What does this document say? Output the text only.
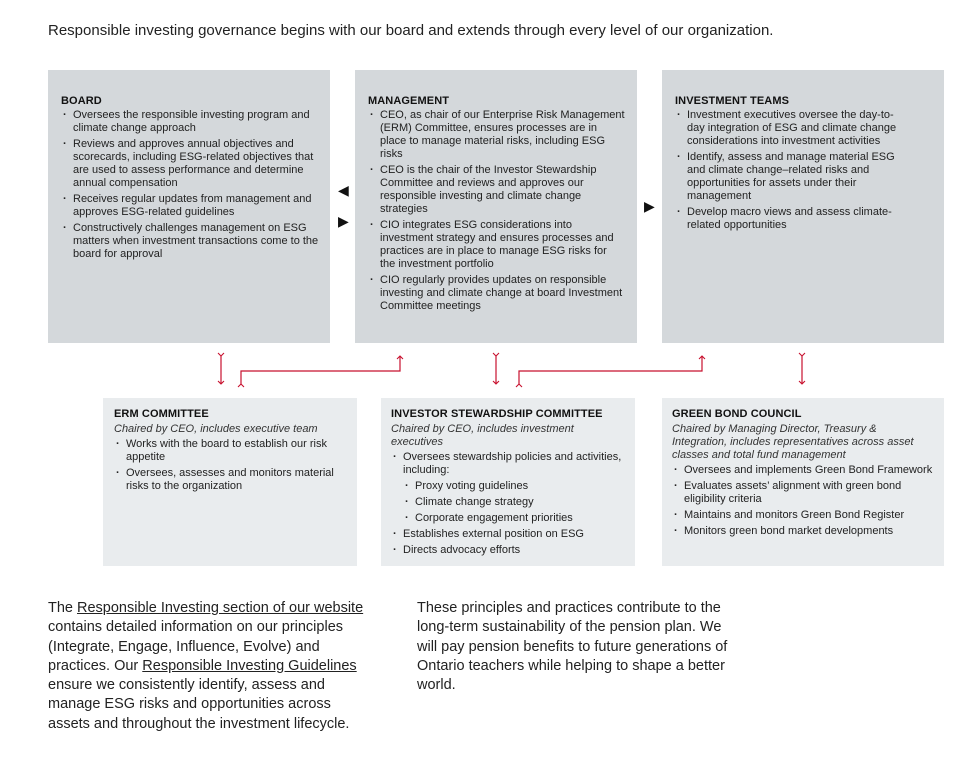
Responsible investing governance begins with our board and extends through every level of our organization.
BOARD
· Oversees the responsible investing program and climate change approach
· Reviews and approves annual objectives and scorecards, including ESG-related objectives that are used to assess performance and determine annual compensation
· Receives regular updates from management and approves ESG-related guidelines
· Constructively challenges management on ESG matters when investment transactions come to the board for approval
MANAGEMENT
· CEO, as chair of our Enterprise Risk Management (ERM) Committee, ensures processes are in place to manage material risks, including ESG risks
· CEO is the chair of the Investor Stewardship Committee and reviews and approves our responsible investing and climate change strategies
· CIO integrates ESG considerations into investment strategy and ensures processes and practices are in place to manage ESG risks for the investment portfolio
· CIO regularly provides updates on responsible investing and climate change at board Investment Committee meetings
INVESTMENT TEAMS
· Investment executives oversee the day-to-day integration of ESG and climate change considerations into investment activities
· Identify, assess and manage material ESG and climate change–related risks and opportunities for assets under their management
· Develop macro views and assess climate-related opportunities
◀
▶
▶
ERM COMMITTEE
Chaired by CEO, includes executive team
· Works with the board to establish our risk appetite
· Oversees, assesses and monitors material risks to the organization
INVESTOR STEWARDSHIP COMMITTEE
Chaired by CEO, includes investment executives
· Oversees stewardship policies and activities, including:
· Proxy voting guidelines
· Climate change strategy
· Corporate engagement priorities
· Establishes external position on ESG
· Directs advocacy efforts
GREEN BOND COUNCIL
Chaired by Managing Director, Treasury & Integration, includes representatives across asset classes and total fund management
· Oversees and implements Green Bond Framework
· Evaluates assets’ alignment with green bond eligibility criteria
· Maintains and monitors Green Bond Register
· Monitors green bond market developments
The Responsible Investing section of our website contains detailed information on our principles (Integrate, Engage, Influence, Evolve) and practices. Our Responsible Investing Guidelines ensure we consistently identify, assess and manage ESG risks and opportunities across assets and throughout the investment lifecycle.
These principles and practices contribute to the long-term sustainability of the pension plan. We will pay pension benefits to future generations of Ontario teachers while helping to shape a better world.
